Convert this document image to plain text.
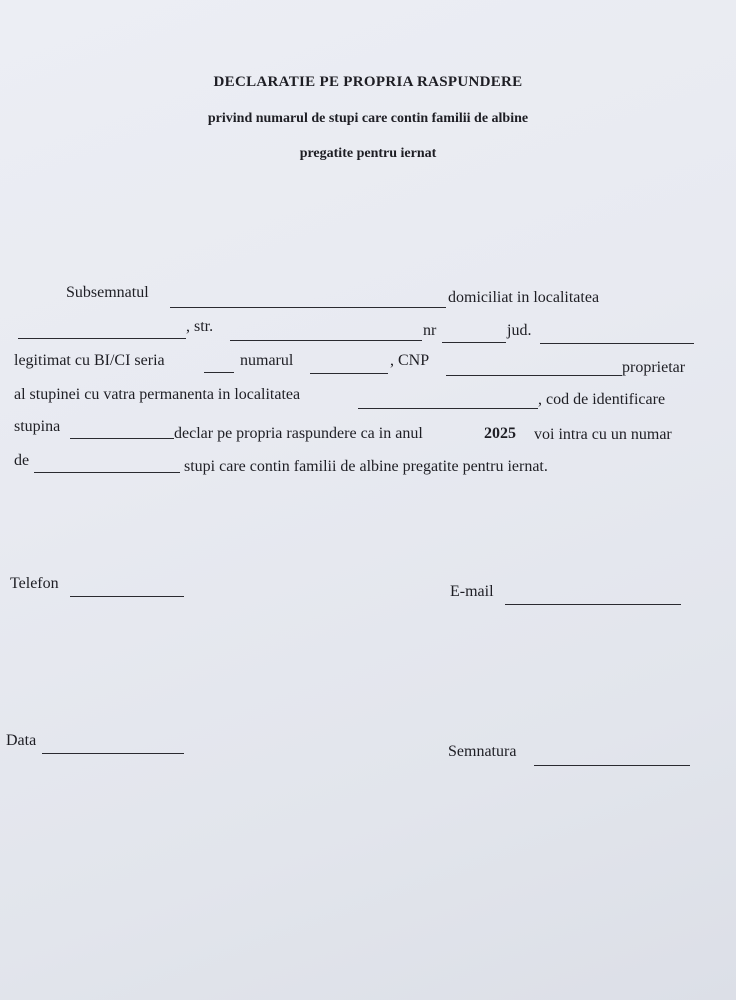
DECLARATIE PE PROPRIA RASPUNDERE
privind numarul de stupi care contin familii de albine
pregatite pentru iernat
Subsemnatul	domiciliat in localitatea
, str.	nr	jud.
legitimat cu BI/CI seria	numarul	, CNP	proprietar
al stupinei cu vatra permanenta in localitatea	, cod de identificare
stupina	declar pe propria raspundere ca in anul	2025 voi intra cu un numar
de	stupi care contin familii de albine pregatite pentru iernat.
Telefon	E-mail
Data
Semnatura
